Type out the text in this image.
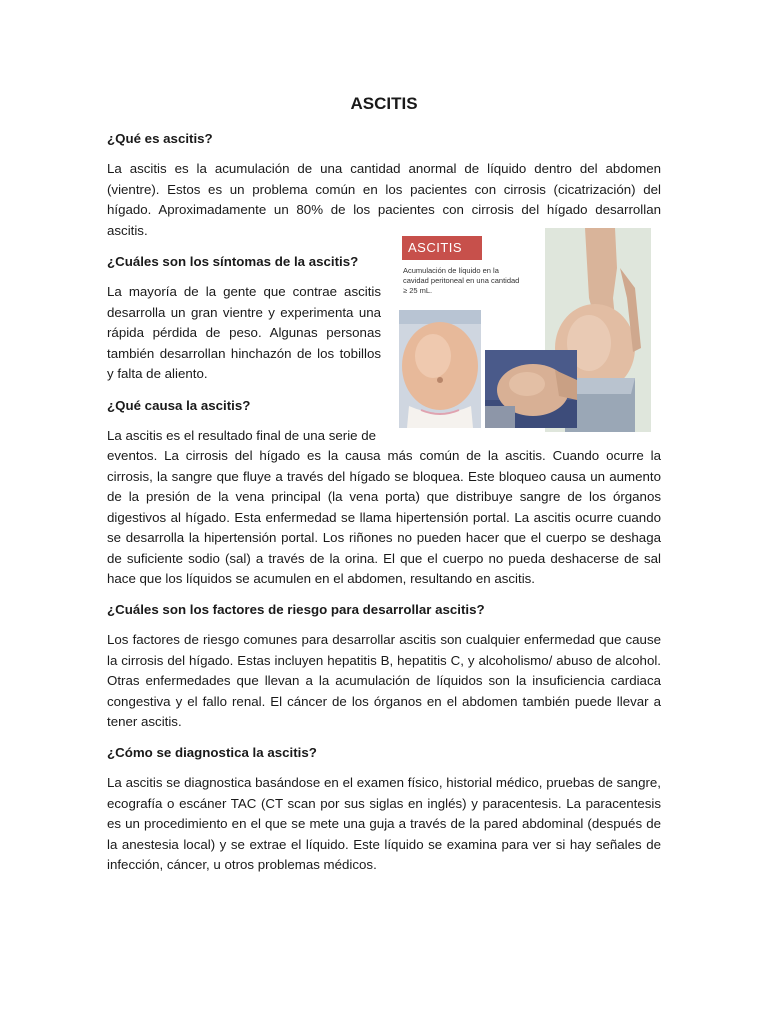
ASCITIS
¿Qué es ascitis?

La ascitis es la acumulación de una cantidad anormal de líquido dentro del abdomen (vientre). Estos es un problema común en los pacientes con cirrosis (cicatrización) del hígado. Aproximadamente un 80% de los pacientes con cirrosis del hígado desarrollan ascitis.

¿Cuáles son los síntomas de la ascitis?

La mayoría de la gente que contrae ascitis desarrolla un gran vientre y experimenta una rápida pérdida de peso. Algunas personas también desarrollan hinchazón de los tobillos y falta de aliento.

¿Qué causa la ascitis?

La ascitis es el resultado final de una serie de

eventos. La cirrosis del hígado es la causa más común de la ascitis. Cuando ocurre la cirrosis, la sangre que fluye a través del hígado se bloquea. Este bloqueo causa un aumento de la presión de la vena principal (la vena porta) que distribuye sangre de los órganos digestivos al hígado. Esta enfermedad se llama hipertensión portal. La ascitis ocurre cuando se desarrolla la hipertensión portal. Los riñones no pueden hacer que el cuerpo se deshaga de suficiente sodio (sal) a través de la orina. El que el cuerpo no pueda deshacerse de sal hace que los líquidos se acumulen en el abdomen, resultando en ascitis.

¿Cuáles son los factores de riesgo para desarrollar ascitis?

Los factores de riesgo comunes para desarrollar ascitis son cualquier enfermedad que cause la cirrosis del hígado. Estas incluyen hepatitis B, hepatitis C, y alcoholismo/ abuso de alcohol. Otras enfermedades que llevan a la acumulación de líquidos son la insuficiencia cardiaca congestiva y el fallo renal. El cáncer de los órganos en el abdomen también puede llevar a tener ascitis.

¿Cómo se diagnostica la ascitis?

La ascitis se diagnostica basándose en el examen físico, historial médico, pruebas de sangre, ecografía o escáner TAC (CT scan por sus siglas en inglés) y paracentesis. La paracentesis es un procedimiento en el que se mete una guja a través de la pared abdominal (después de la anestesia local) y se extrae el líquido. Este líquido se examina para ver si hay señales de infección, cáncer, u otros problemas médicos.

ASCITIS
Acumulación de líquido en la
cavidad peritoneal en una cantidad
≥ 25 mL.
